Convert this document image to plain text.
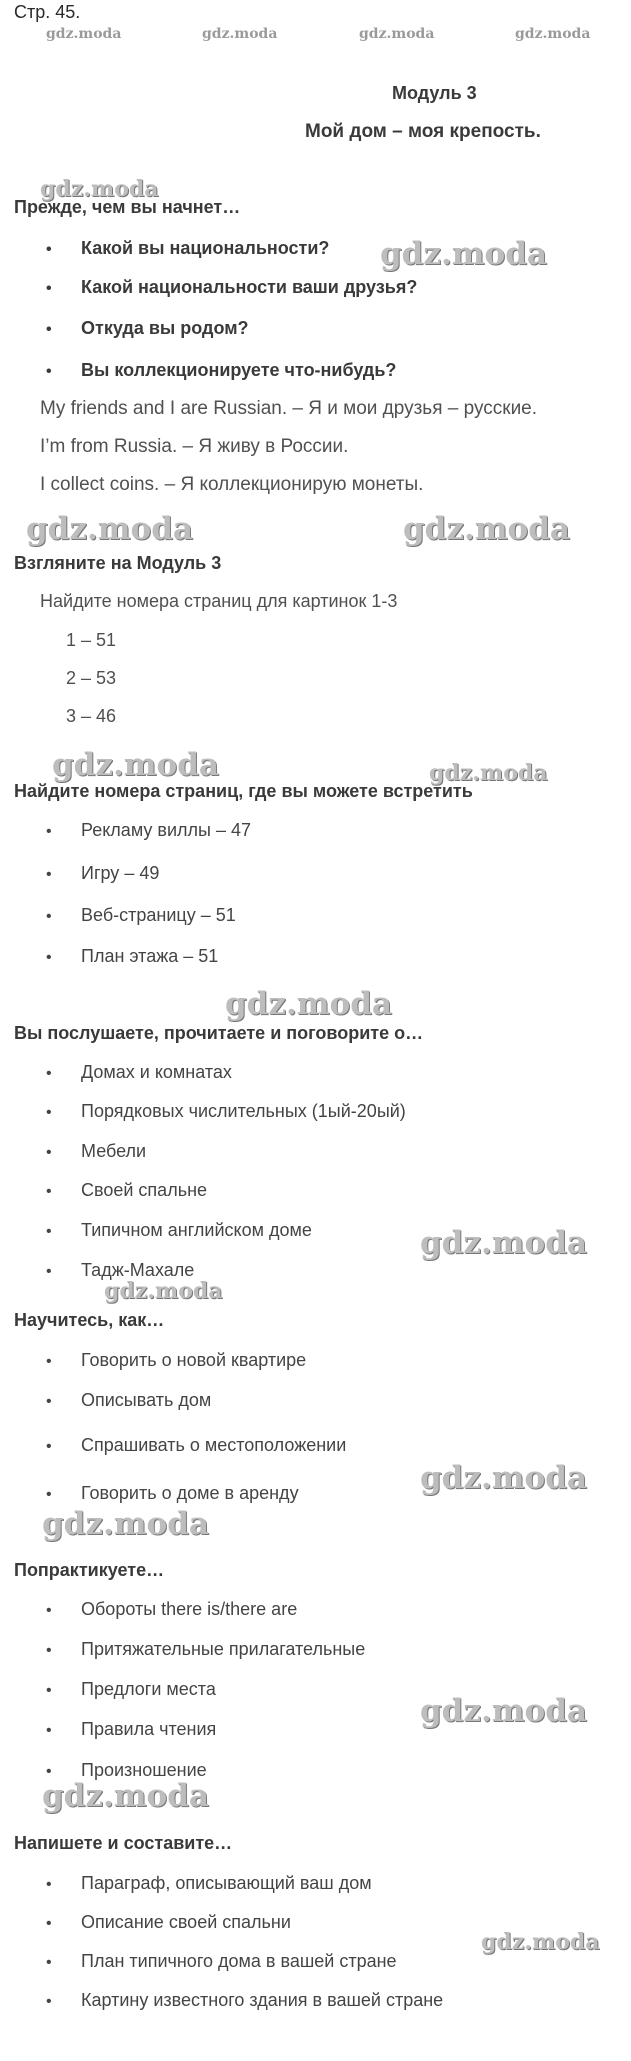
Стр. 45.
gdz.moda	gdz.moda	gdz.moda	gdz.moda
gdz.moda
gdz.moda
gdz.moda	gdz.moda
gdz.moda	gdz.moda
gdz.moda
gdz.moda
gdz.moda
gdz.moda
gdz.moda
gdz.moda
gdz.moda
gdz.moda
Модуль 3
Мой дом – моя крепость.
Прежде, чем вы начнет…
• Какой вы национальности?
• Какой национальности ваши друзья?
• Откуда вы родом?
• Вы коллекционируете что-нибудь?
My friends and I are Russian. – Я и мои друзья – русские.
I’m from Russia. – Я живу в России.
I collect coins. – Я коллекционирую монеты.
Взгляните на Модуль 3
Найдите номера страниц для картинок 1-3
1 – 51
2 – 53
3 – 46
Найдите номера страниц, где вы можете встретить
• Рекламу виллы – 47
• Игру – 49
• Веб-страницу – 51
• План этажа – 51
Вы послушаете, прочитаете и поговорите о…
• Домах и комнатах
• Порядковых числительных (1ый-20ый)
• Мебели
• Своей спальне
• Типичном английском доме
• Тадж-Махале
Научитесь, как…
• Говорить о новой квартире
• Описывать дом
• Спрашивать о местоположении
• Говорить о доме в аренду
Попрактикуете…
• Обороты there is/there are
• Притяжательные прилагательные
• Предлоги места
• Правила чтения
• Произношение
Напишете и составите…
• Параграф, описывающий ваш дом
• Описание своей спальни
• План типичного дома в вашей стране
• Картину известного здания в вашей стране
